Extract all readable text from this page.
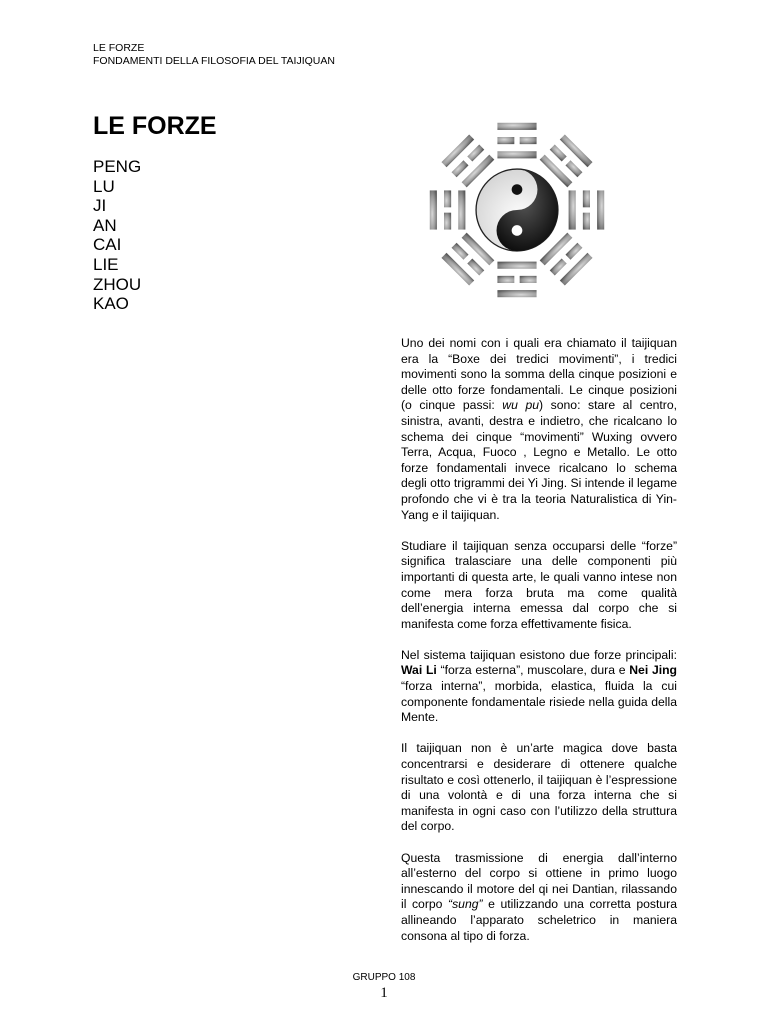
LE FORZE
FONDAMENTI DELLA FILOSOFIA DEL TAIJIQUAN
LE FORZE
PENG
LU
JI
AN
CAI
LIE
ZHOU
KAO

Uno dei nomi con i quali era chiamato il taijiquan era la “Boxe dei tredici movimenti”, i tredici movimenti sono la somma della cinque posizioni e delle otto forze fondamentali. Le cinque posizioni (o cinque passi: wu pu) sono: stare al centro, sinistra, avanti, destra e indietro, che ricalcano lo schema dei cinque “movimenti” Wuxing ovvero Terra, Acqua, Fuoco , Legno e Metallo. Le otto forze fondamentali invece ricalcano lo schema degli otto trigrammi dei Yi Jing. Si intende il legame profondo che vi è tra la teoria Naturalistica di Yin-Yang e il taijiquan.

Studiare il taijiquan senza occuparsi delle “forze” significa tralasciare una delle componenti più importanti di questa arte, le quali vanno intese non come mera forza bruta ma come qualità dell’energia interna emessa dal corpo che si manifesta come forza effettivamente fisica.

Nel sistema taijiquan esistono due forze principali: Wai Li “forza esterna”, muscolare, dura e Nei Jing “forza interna”, morbida, elastica, fluida la cui componente fondamentale risiede nella guida della Mente.

Il taijiquan non è un’arte magica dove basta concentrarsi e desiderare di ottenere qualche risultato e così ottenerlo, il taijiquan è l’espressione di una volontà e di una forza interna che si manifesta in ogni caso con l’utilizzo della struttura del corpo.

Questa trasmissione di energia dall’interno all’esterno del corpo si ottiene in primo luogo innescando il motore del qi nei Dantian, rilassando il corpo “sung” e utilizzando una corretta postura allineando l’apparato scheletrico in maniera consona al tipo di forza.

GRUPPO 108
1
